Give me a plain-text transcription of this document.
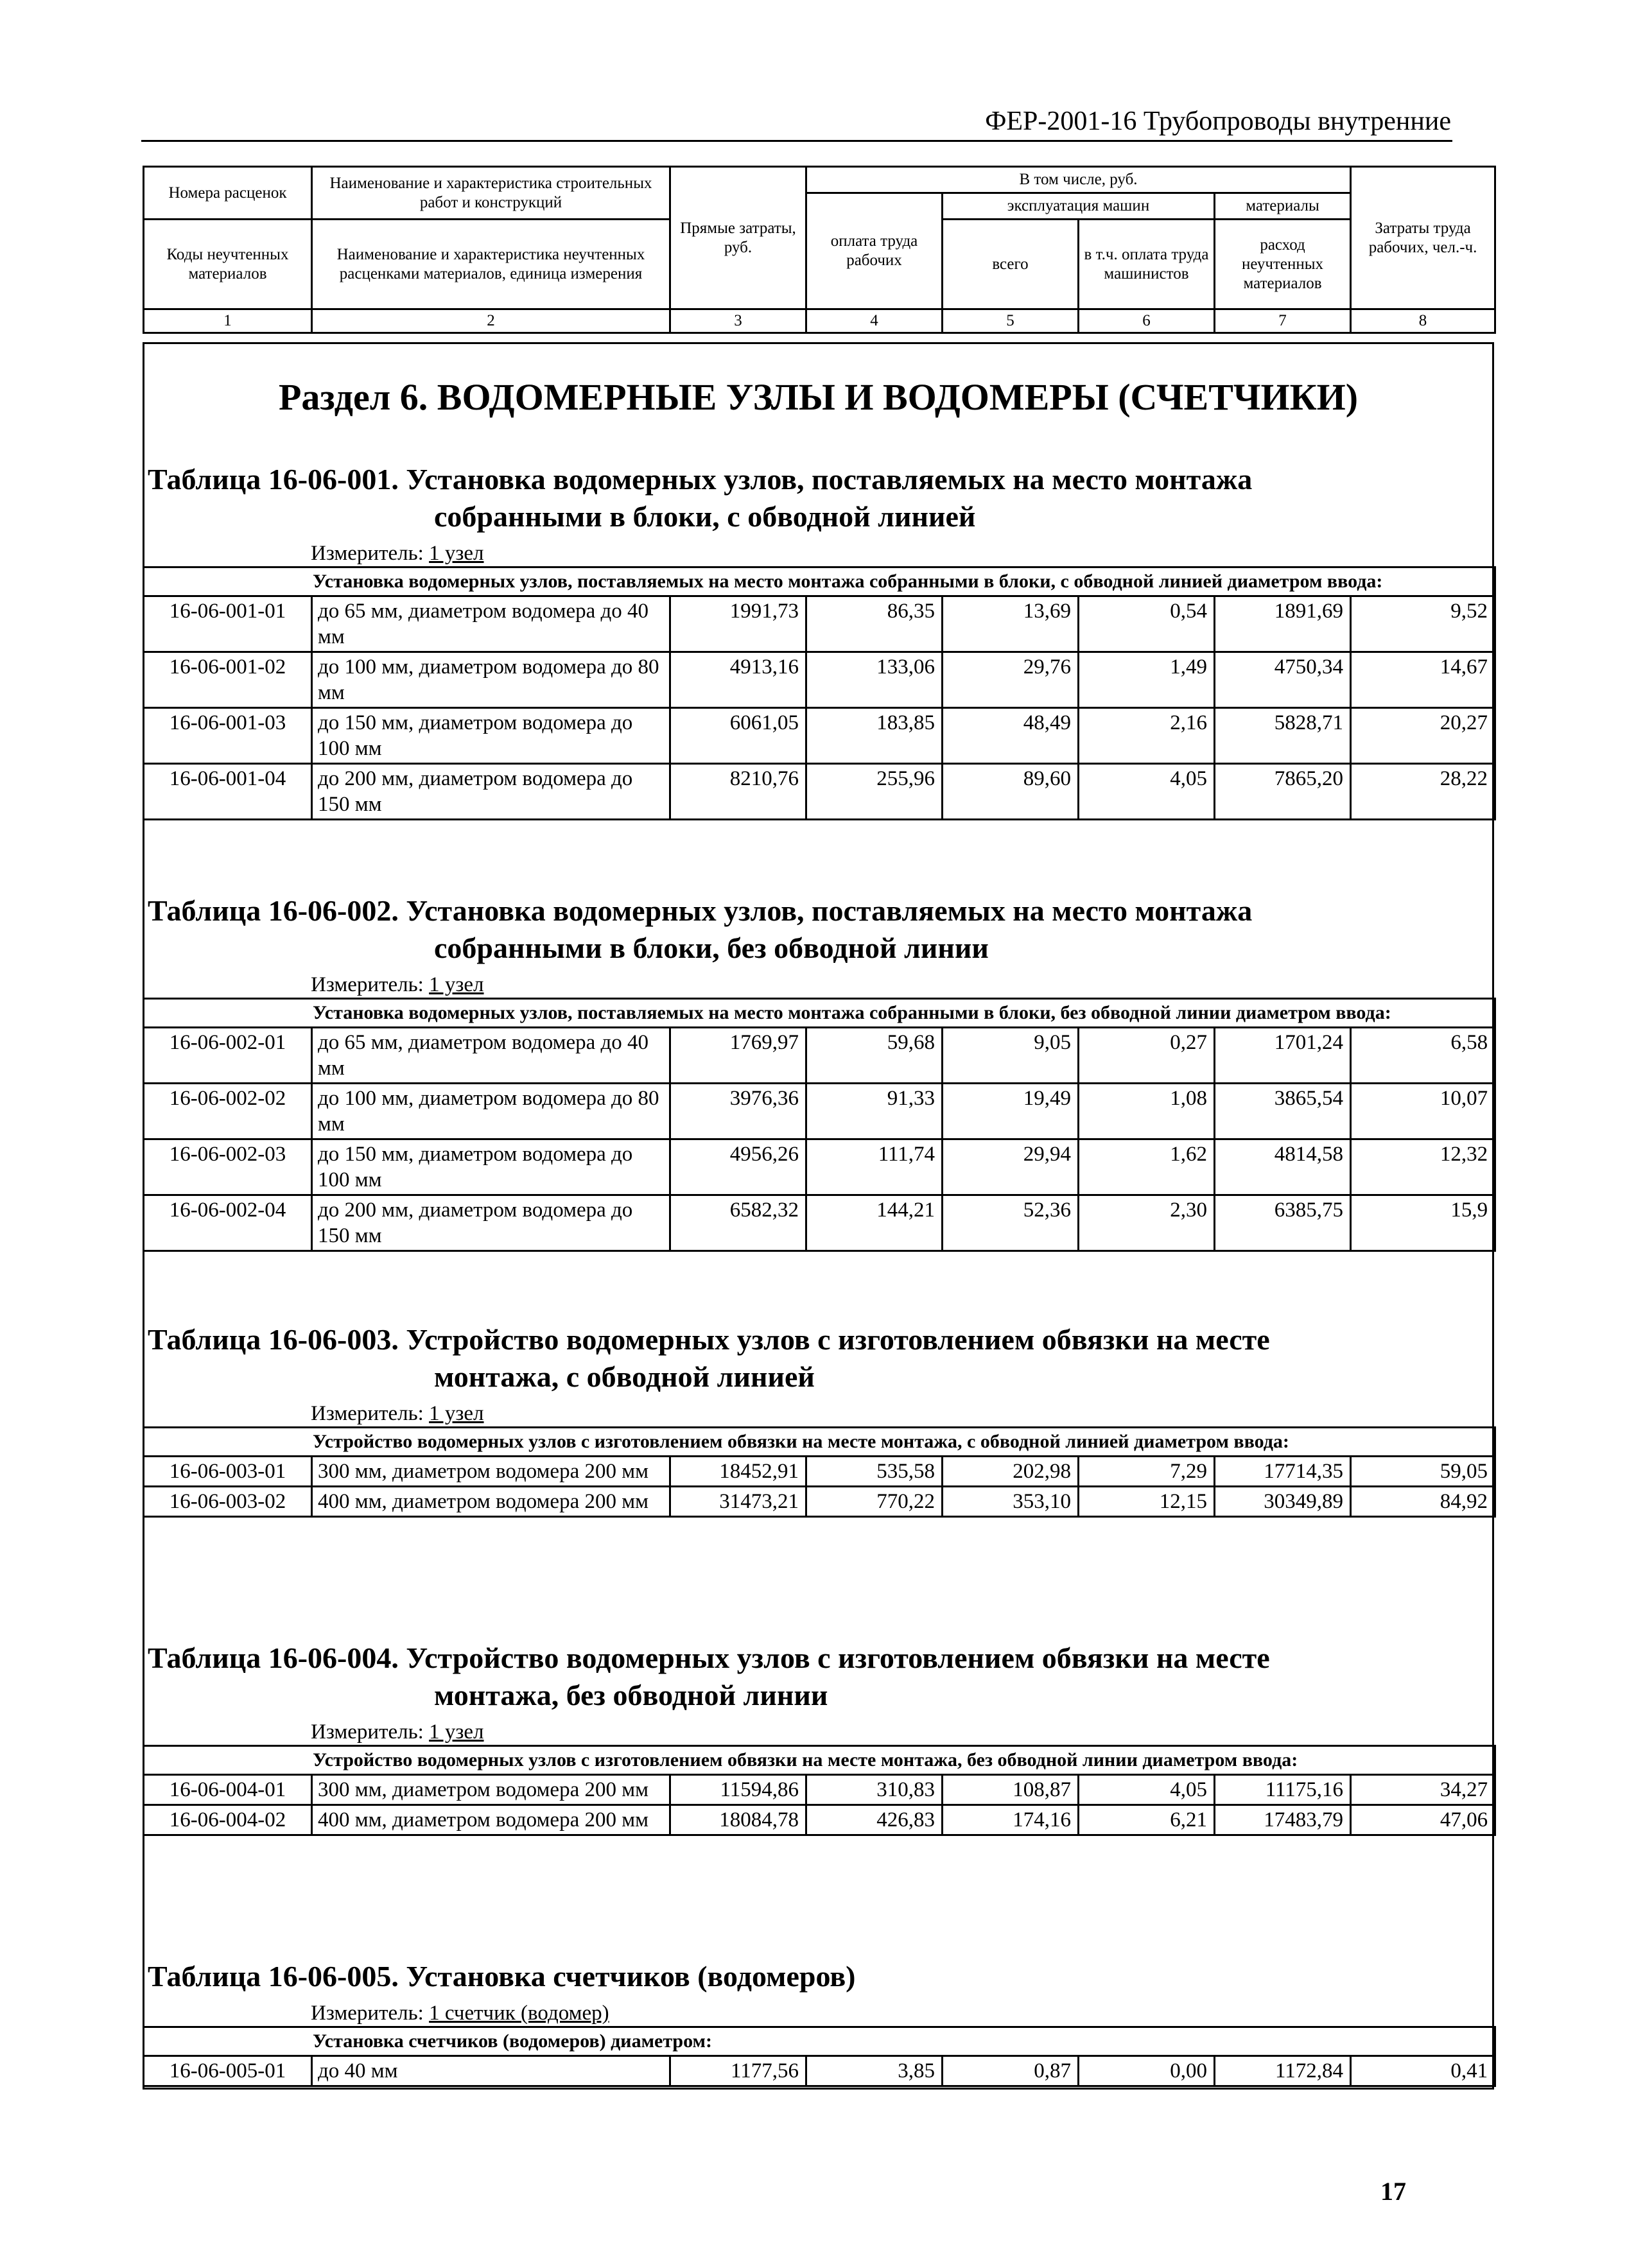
ФЕР-2001-16 Трубопроводы внутренние
Номера расценок	Наименование и характеристика строительных работ и конструкций	Прямые затраты, руб.	В том числе, руб.				Затраты труда рабочих, чел.-ч.
			оплата труда рабочих	эксплуатация машин		материалы	
Коды неучтенных материалов	Наименование и характеристика неучтенных расценками материалов, единица измерения			всего	в т.ч. оплата труда машинистов	расход неучтенных материалов	

1	2	3	4	5	6	7	8
Раздел 6. ВОДОМЕРНЫЕ УЗЛЫ И ВОДОМЕРЫ (СЧЕТЧИКИ)
Таблица 16-06-001. Установка водомерных узлов, поставляемых на место монтажа
собранными в блоки, с обводной линией
Измеритель: 1 узел
Установка водомерных узлов, поставляемых на место монтажа собранными в блоки, с обводной линией диаметром ввода:							
16-06-001-01	до 65 мм, диаметром водомера до 40 мм	1991,73	86,35	13,69	0,54	1891,69	9,52
16-06-001-02	до 100 мм, диаметром водомера до 80 мм	4913,16	133,06	29,76	1,49	4750,34	14,67
16-06-001-03	до 150 мм, диаметром водомера до 100 мм	6061,05	183,85	48,49	2,16	5828,71	20,27
16-06-001-04	до 200 мм, диаметром водомера до 150 мм	8210,76	255,96	89,60	4,05	7865,20	28,22
Таблица 16-06-002. Установка водомерных узлов, поставляемых на место монтажа
собранными в блоки, без обводной линии
Измеритель: 1 узел
Установка водомерных узлов, поставляемых на место монтажа собранными в блоки, без обводной линии диаметром ввода:							
16-06-002-01	до 65 мм, диаметром водомера до 40 мм	1769,97	59,68	9,05	0,27	1701,24	6,58
16-06-002-02	до 100 мм, диаметром водомера до 80 мм	3976,36	91,33	19,49	1,08	3865,54	10,07
16-06-002-03	до 150 мм, диаметром водомера до 100 мм	4956,26	111,74	29,94	1,62	4814,58	12,32
16-06-002-04	до 200 мм, диаметром водомера до 150 мм	6582,32	144,21	52,36	2,30	6385,75	15,9
Таблица 16-06-003. Устройство водомерных узлов с изготовлением обвязки на месте
монтажа, с обводной линией
Измеритель: 1 узел
Устройство водомерных узлов с изготовлением обвязки на месте монтажа, с обводной линией диаметром ввода:							
16-06-003-01	300 мм, диаметром водомера 200 мм	18452,91	535,58	202,98	7,29	17714,35	59,05
16-06-003-02	400 мм, диаметром водомера 200 мм	31473,21	770,22	353,10	12,15	30349,89	84,92
Таблица 16-06-004. Устройство водомерных узлов с изготовлением обвязки на месте
монтажа, без обводной линии
Измеритель: 1 узел
Устройство водомерных узлов с изготовлением обвязки на месте монтажа, без обводной линии диаметром ввода:							
16-06-004-01	300 мм, диаметром водомера 200 мм	11594,86	310,83	108,87	4,05	11175,16	34,27
16-06-004-02	400 мм, диаметром водомера 200 мм	18084,78	426,83	174,16	6,21	17483,79	47,06
Таблица 16-06-005. Установка счетчиков (водомеров)
Измеритель: 1 счетчик (водомер)
Установка счетчиков (водомеров) диаметром:
16-06-005-01	до 40 мм	1177,56	3,85	0,87	0,00	1172,84	0,41
17
